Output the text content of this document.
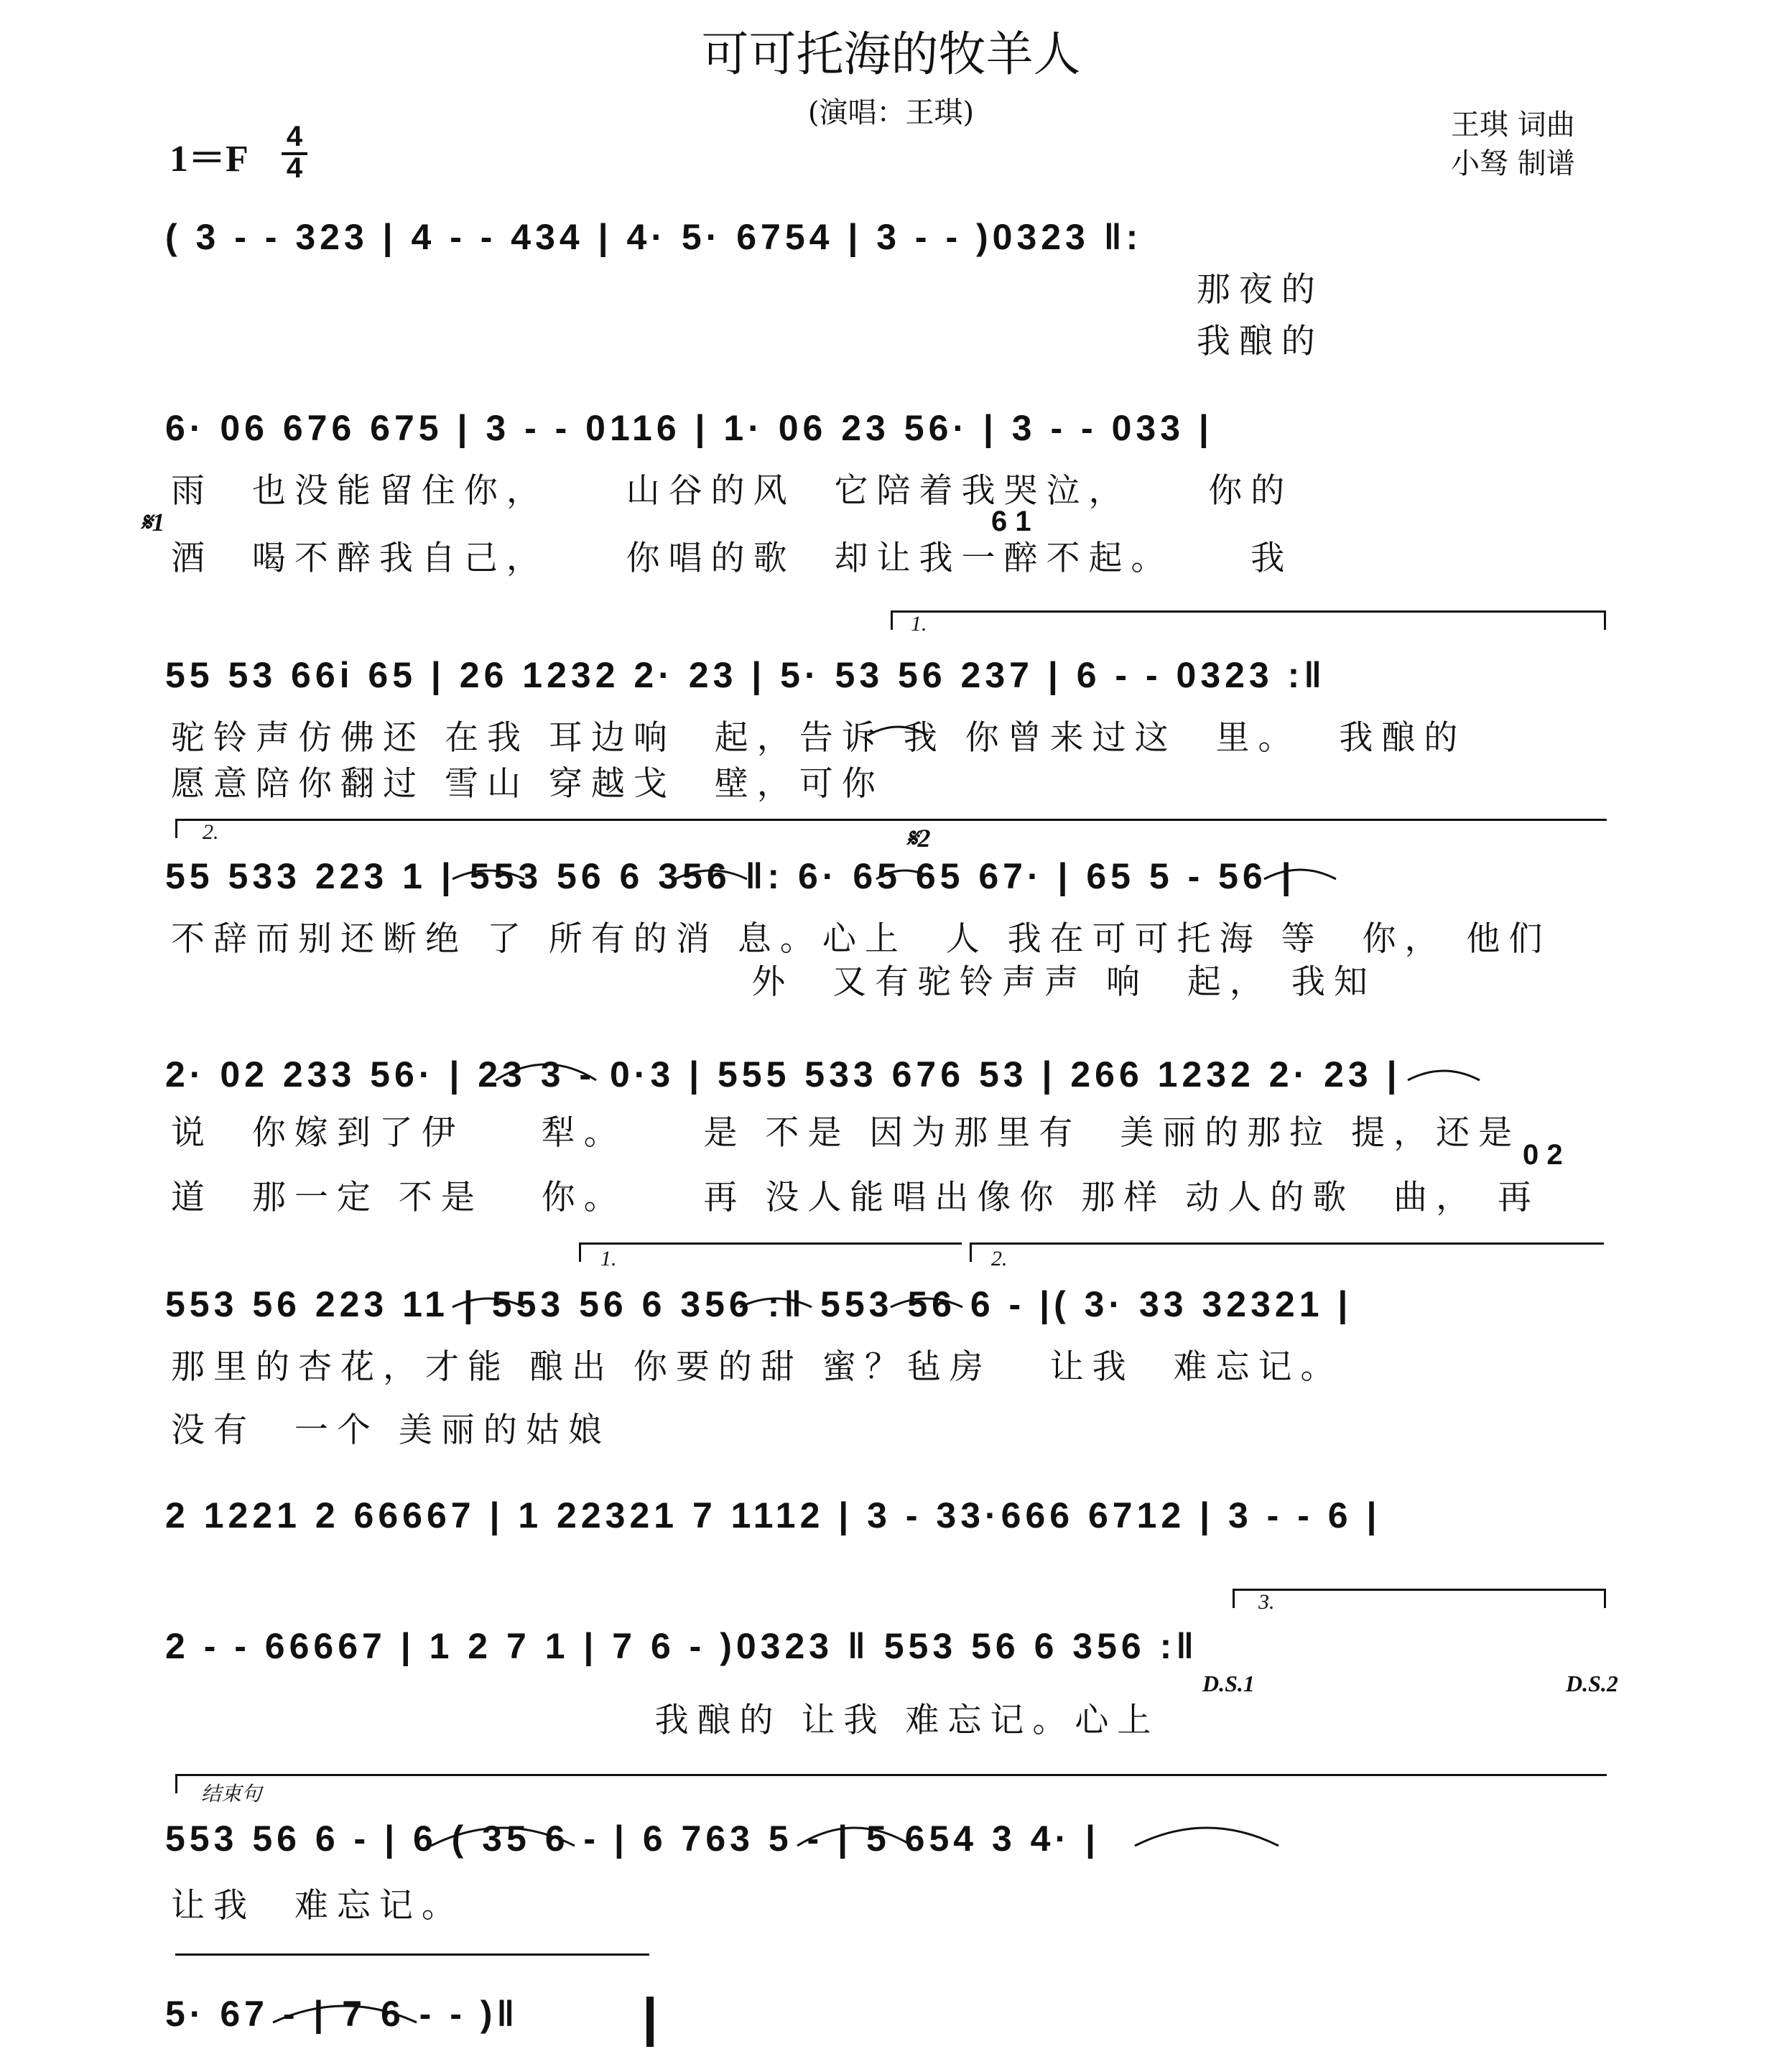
可可托海的牧羊人
(演唱：王琪)	王琪 词曲
小驽 制谱
1＝F
4
4
( 3 - - 323 | 4 - - 434 | 4· 5· 6754 | 3 - - )0323 ‖:
那夜的
我酿的
6· 06 676 675 | 3 - - 0116 | 1· 06 23 56· | 3 - - 033 |
雨  也没能留住你，    山谷的风  它陪着我哭泣，    你的
酒  喝不醉我自己，    你唱的歌  却让我一醉不起。    我
𝄋1	6 1
1.
55 53 66i 65 | 26 1232 2· 23 | 5· 53 56 237 | 6 - - 0323 :‖
驼铃声仿佛还 在我 耳边响  起，告诉 我 你曾来过这  里。  我酿的
愿意陪你翻过 雪山 穿越戈  壁，可你
2.	𝄋2
55 533 223 1 | 553 56 6 356 ‖: 6· 65 65 67· | 65 5 - 56 |
不辞而别还断绝 了 所有的消 息。心上  人 我在可可托海 等  你， 他们
外  又有驼铃声声 响  起， 我知
2· 02 233 56· | 23 3 - 0·3 | 555 533 676 53 | 266 1232 2· 23 |
说  你嫁到了伊    犁。    是 不是 因为那里有  美丽的那拉 提，还是
道  那一定 不是   你。    再 没人能唱出像你 那样 动人的歌  曲， 再
0 2
1.	2.
553 56 223 11 | 553 56 6 356 :‖ 553 56 6 - |( 3· 33 32321 |
那里的杏花，才能 酿出 你要的甜 蜜？毡房   让我  难忘记。
没有  一个 美丽的姑娘
2 1221 2 66667 | 1 22321 7 1112 | 3 - 33·666 6712 | 3 - - 6 |
3.
2 - - 66667 | 1 2 7 1 | 7 6 - )0323 ‖ 553 56 6 356 :‖
D.S.1	D.S.2
我酿的 让我 难忘记。心上
结束句
553 56 6 - | 6 ( 35 6 - | 6 763 5 - | 5 654 3 4· |
让我  难忘记。
5· 67 - | 7 6 - - )‖
